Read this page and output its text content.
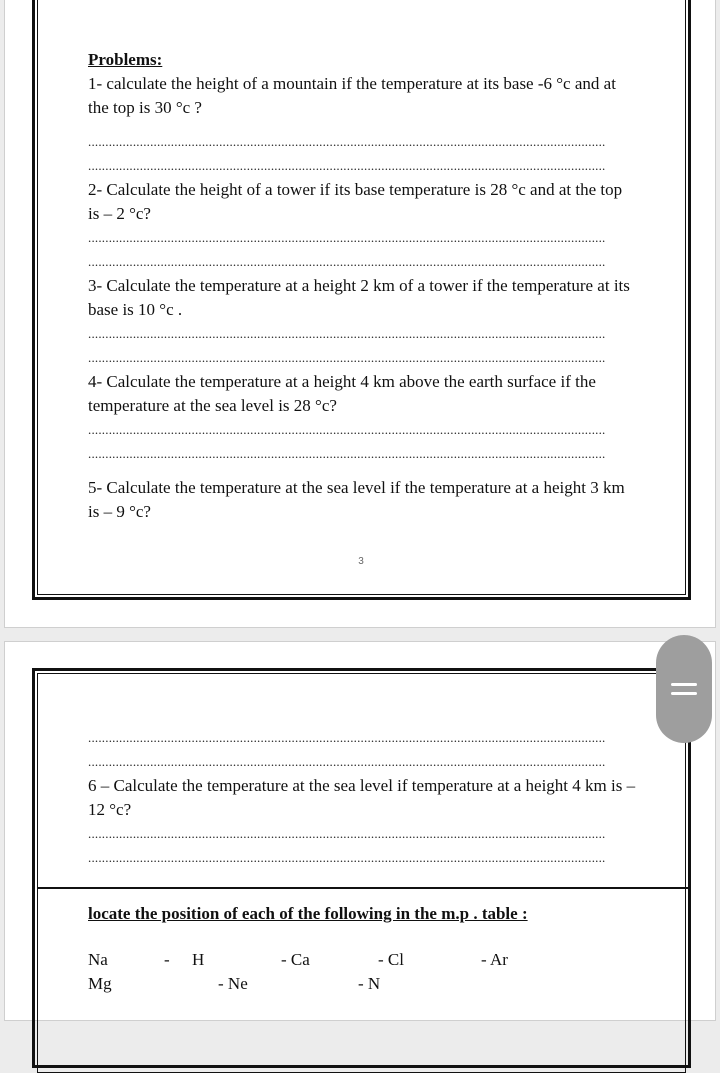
Problems:

1- calculate the height of a mountain if the temperature at its base -6 °c and at the top is 30 °c ?

......................................................................................................................................................
......................................................................................................................................................

2- Calculate the height of a tower if its base temperature is 28 °c and at the top is – 2 °c?

......................................................................................................................................................
......................................................................................................................................................

3- Calculate the temperature at a height 2 km of a tower if the temperature at its base is 10 °c .

......................................................................................................................................................
......................................................................................................................................................

4- Calculate the temperature at a height 4 km above the earth surface if the temperature at the sea level is 28 °c?

......................................................................................................................................................
......................................................................................................................................................

5- Calculate the temperature at the sea level if the temperature at a height 3 km is – 9 °c?

3
......................................................................................................................................................
......................................................................................................................................................

6 – Calculate the temperature at the sea level if temperature at a height 4 km is – 12 °c?

......................................................................................................................................................
......................................................................................................................................................
locate the position of each of the following in the m.p . table :
Na	- H	- Ca	- Cl	- Ar
Mg	- Ne	- N
